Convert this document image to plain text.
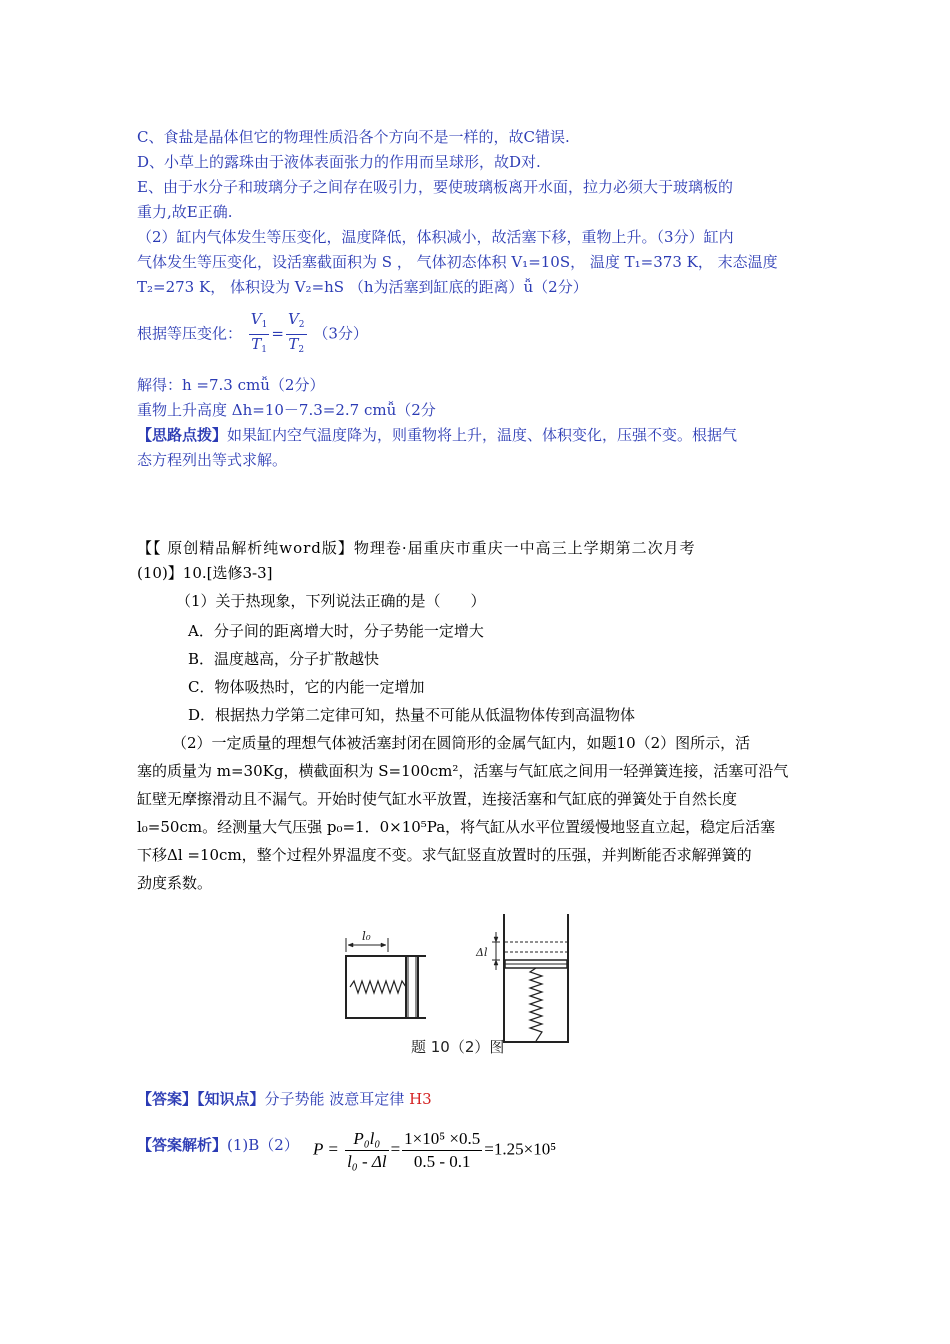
C、食盐是晶体但它的物理性质沿各个方向不是一样的，故C错误.
D、小草上的露珠由于液体表面张力的作用而呈球形，故D对.
E、由于水分子和玻璃分子之间存在吸引力，要使玻璃板离开水面，拉力必须大于玻璃板的
重力,故E正确.
（2）缸内气体发生等压变化，温度降低，体积减小，故活塞下移，重物上升。（3分）缸内
气体发生等压变化，设活塞截面积为 S ， 气体初态体积 V₁=10S， 温度 T₁=373 K， 末态温度
T₂=273 K， 体积设为 V₂=hS （h为活塞到缸底的距离）ǚ（2分）
根据等压变化： $\frac{V_1}{T_1} = \frac{V_2}{T_2} (3$分）
解得：h =7.3 cmǚ（2分）
重物上升高度 Δh=10－7.3=2.7 cmǚ（2分
【思路点拨】如果缸内空气温度降为，则重物将上升，温度、体积变化，压强不变。根据气
态方程列出等式求解。
【【 原创精品解析纯word版】物理卷·届重庆市重庆一中高三上学期第二次月考
(10)】10.[选修3-3]
（1）关于热现象，下列说法正确的是（　　）
A．分子间的距离增大时，分子势能一定增大
B．温度越高，分子扩散越快
C．物体吸热时，它的内能一定增加
D．根据热力学第二定律可知，热量不可能从低温物体传到高温物体
（2）一定质量的理想气体被活塞封闭在圆筒形的金属气缸内，如题10（2）图所示，活
塞的质量为 m=30Kg，横截面积为 S=100cm²，活塞与气缸底之间用一轻弹簧连接，活塞可沿气
缸壁无摩擦滑动且不漏气。开始时使气缸水平放置，连接活塞和气缸底的弹簧处于自然长度
l₀=50cm。经测量大气压强 p₀=1．0×10⁵Pa，将气缸从水平位置缓慢地竖直立起，稳定后活塞
下移Δl =10cm，整个过程外界温度不变。求气缸竖直放置时的压强，并判断能否求解弹簧的
劲度系数。
l₀
Δl
题 10（2）图
【答案】【知识点】分子势能 波意耳定律 H3
【答案解析】(1)B（2） $P = \frac{\text{P₀l₀}}{\text{l₀ - Δl}} = \frac{\text{1×10⁵ ×0.5}}{0.5 - 0.1} =1.25\times 10^5$
